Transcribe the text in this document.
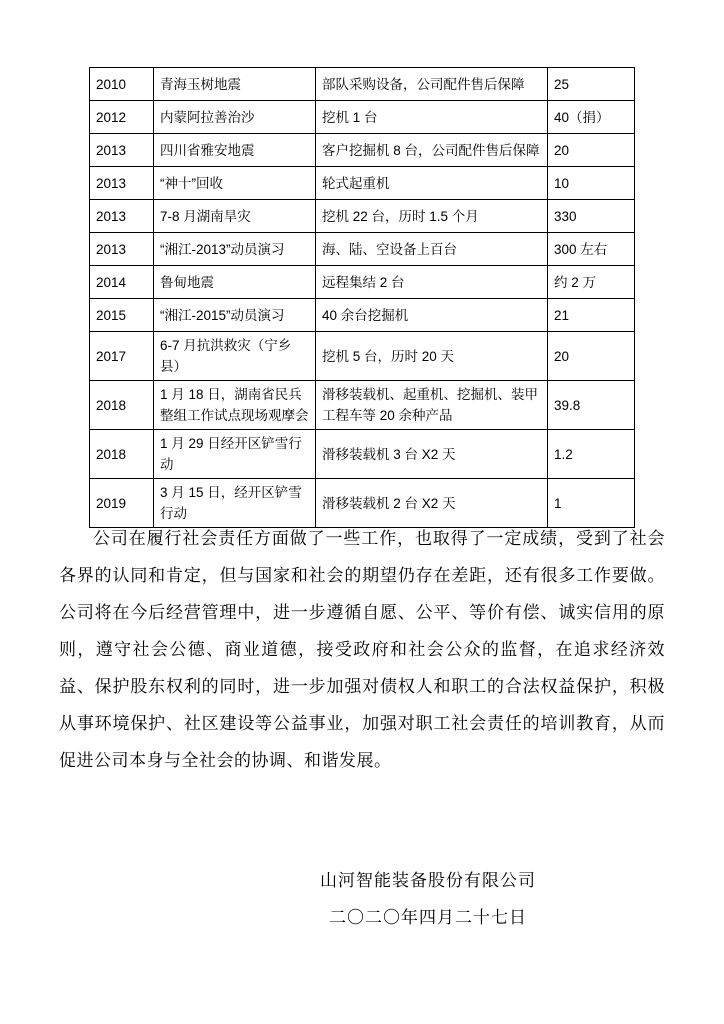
2010	青海玉树地震	部队采购设备，公司配件售后保障	25
2012	内蒙阿拉善治沙	挖机 1 台	40（捐）
2013	四川省雅安地震	客户挖掘机 8 台，公司配件售后保障	20
2013	“神十”回收	轮式起重机	10
2013	7-8 月湖南旱灾	挖机 22 台，历时 1.5 个月	330
2013	“湘江-2013”动员演习	海、陆、空设备上百台	300 左右
2014	鲁甸地震	远程集结 2 台	约 2 万
2015	“湘江-2015”动员演习	40 余台挖掘机	21
2017	6-7 月抗洪救灾（宁乡县）	挖机 5 台，历时 20 天	20
2018	1 月 18 日，湖南省民兵整组工作试点现场观摩会	滑移装载机、起重机、挖掘机、装甲工程车等 20 余种产品	39.8
2018	1 月 29 日经开区铲雪行动	滑移装载机 3 台 X2 天	1.2
2019	3 月 15 日，经开区铲雪行动	滑移装载机 2 台 X2 天	1

公司在履行社会责任方面做了一些工作，也取得了一定成绩，受到了社会各界的认同和肯定，但与国家和社会的期望仍存在差距，还有很多工作要做。公司将在今后经营管理中，进一步遵循自愿、公平、等价有偿、诚实信用的原则，遵守社会公德、商业道德，接受政府和社会公众的监督，在追求经济效益、保护股东权利的同时，进一步加强对债权人和职工的合法权益保护，积极从事环境保护、社区建设等公益事业，加强对职工社会责任的培训教育，从而促进公司本身与全社会的协调、和谐发展。

山河智能装备股份有限公司
二〇二〇年四月二十七日
